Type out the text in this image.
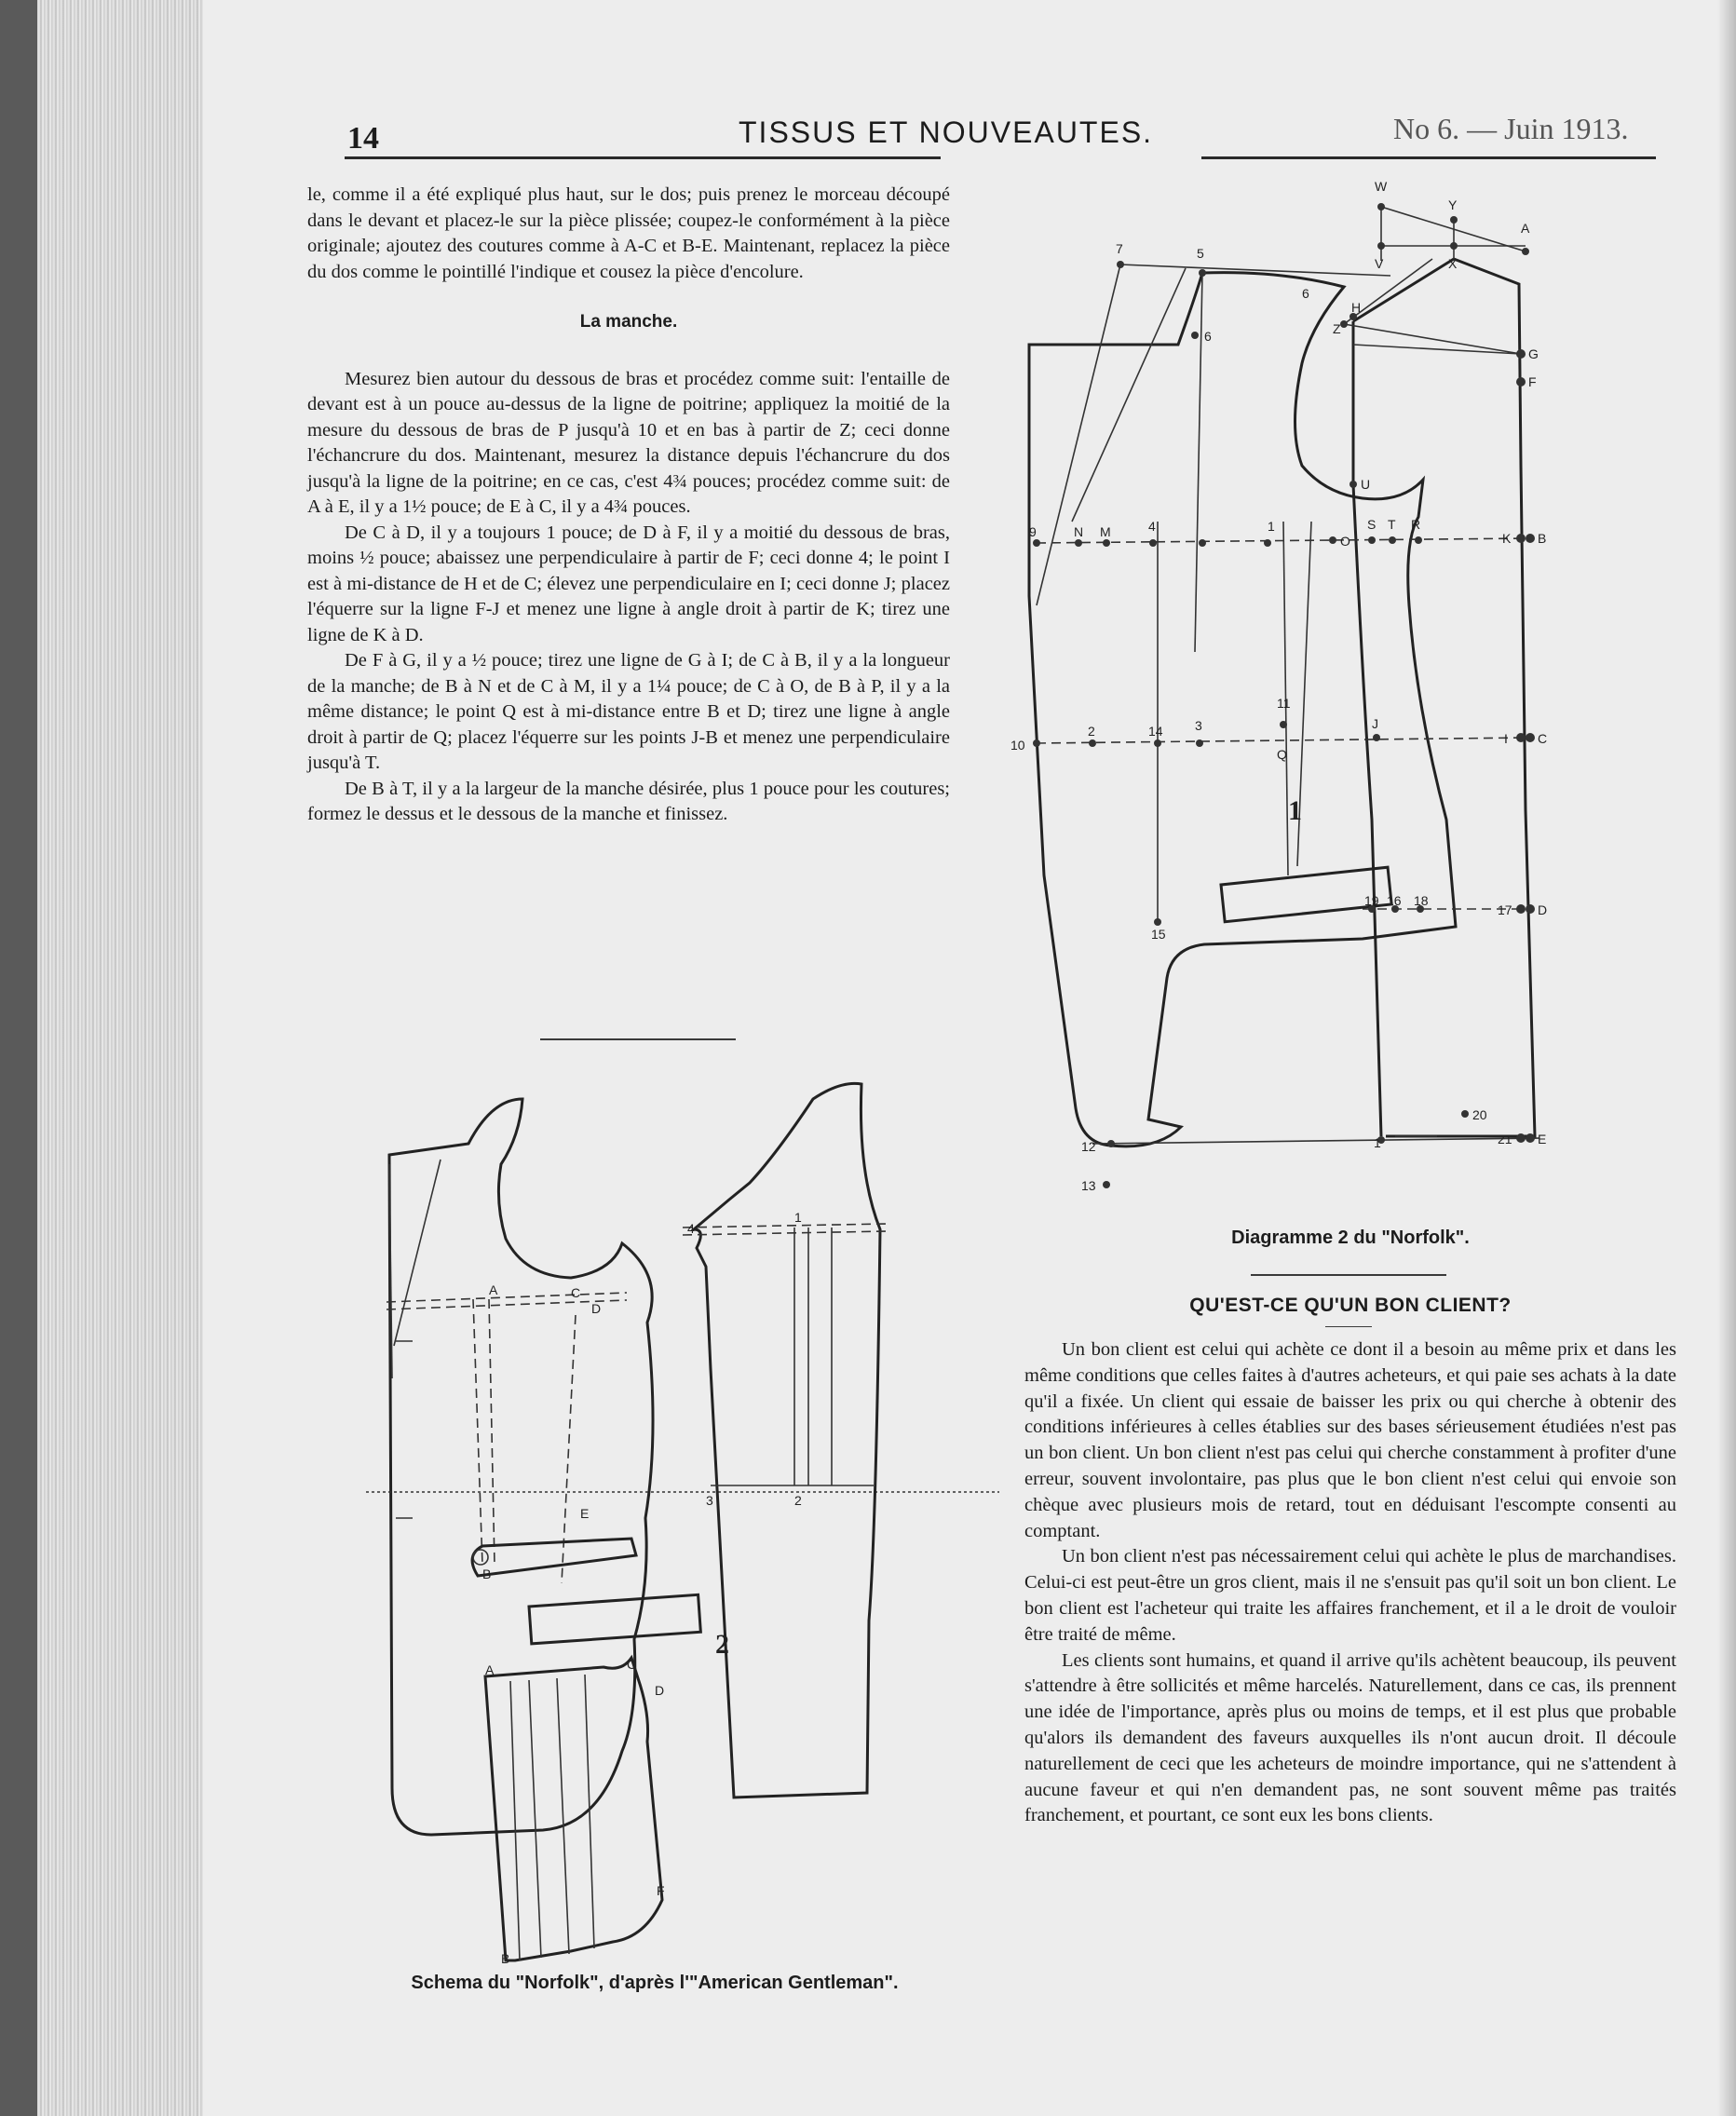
14	TISSUS ET NOUVEAUTES.	No 6. — Juin 1913.

le, comme il a été expliqué plus haut, sur le dos; puis prenez le morceau découpé dans le devant et placez-le sur la pièce plissée; coupez-le conformément à la pièce originale; ajoutez des coutures comme à A-C et B-E. Maintenant, replacez la pièce du dos comme le pointillé l'indique et cousez la pièce d'encolure.

La manche.

Mesurez bien autour du dessous de bras et procédez comme suit: l'entaille de devant est à un pouce au-dessus de la ligne de poitrine; appliquez la moitié de la mesure du dessous de bras de P jusqu'à 10 et en bas à partir de Z; ceci donne l'échancrure du dos. Maintenant, mesurez la distance depuis l'échancrure du dos jusqu'à la ligne de la poitrine; en ce cas, c'est 4¾ pouces; procédez comme suit: de A à E, il y a 1½ pouce; de E à C, il y a 4¾ pouces.

De C à D, il y a toujours 1 pouce; de D à F, il y a moitié du dessous de bras, moins ½ pouce; abaissez une perpendiculaire à partir de F; ceci donne 4; le point I est à mi-distance de H et de C; élevez une perpendiculaire en I; ceci donne J; placez l'équerre sur la ligne F-J et menez une ligne à angle droit à partir de K; tirez une ligne de K à D.

De F à G, il y a ½ pouce; tirez une ligne de G à I; de C à B, il y a la longueur de la manche; de B à N et de C à M, il y a 1¼ pouce; de C à O, de B à P, il y a la même distance; le point Q est à mi-distance entre B et D; tirez une ligne à angle droit à partir de Q; placez l'équerre sur les points J-B et menez une perpendiculaire jusqu'à T.

De B à T, il y a la largeur de la manche désirée, plus 1 pouce pour les coutures; formez le dessus et le dessous de la manche et finissez.

A	C
D
E
B
A	C
D
F
B
4
1
3	2
2
Schema du "Norfolk", d'après l'"American Gentleman".
W
Y
V	X
A
7	5
6
H
Z
G
F
6
U
9	N M	4	1
O
S T R
K B
11
Q
10
2	14 3	J
I C
19 16 18
15
17 D
20
12	1	21 E
13
1
Diagramme 2 du "Norfolk".
QU'EST-CE QU'UN BON CLIENT?

Un bon client est celui qui achète ce dont il a besoin au même prix et dans les même conditions que celles faites à d'autres acheteurs, et qui paie ses achats à la date qu'il a fixée. Un client qui essaie de baisser les prix ou qui cherche à obtenir des conditions inférieures à celles établies sur des bases sérieusement étudiées n'est pas un bon client. Un bon client n'est pas celui qui cherche constamment à profiter d'une erreur, souvent involontaire, pas plus que le bon client n'est celui qui envoie son chèque avec plusieurs mois de retard, tout en déduisant l'escompte consenti au comptant.

Un bon client n'est pas nécessairement celui qui achète le plus de marchandises. Celui-ci est peut-être un gros client, mais il ne s'ensuit pas qu'il soit un bon client. Le bon client est l'acheteur qui traite les affaires franchement, et il a le droit de vouloir être traité de même.

Les clients sont humains, et quand il arrive qu'ils achètent beaucoup, ils peuvent s'attendre à être sollicités et même harcelés. Naturellement, dans ce cas, ils prennent une idée de l'importance, après plus ou moins de temps, et il est plus que probable qu'alors ils demandent des faveurs auxquelles ils n'ont aucun droit. Il découle naturellement de ceci que les acheteurs de moindre importance, qui ne s'attendent à aucune faveur et qui n'en demandent pas, ne sont souvent même pas traités franchement, et pourtant, ce sont eux les bons clients.
